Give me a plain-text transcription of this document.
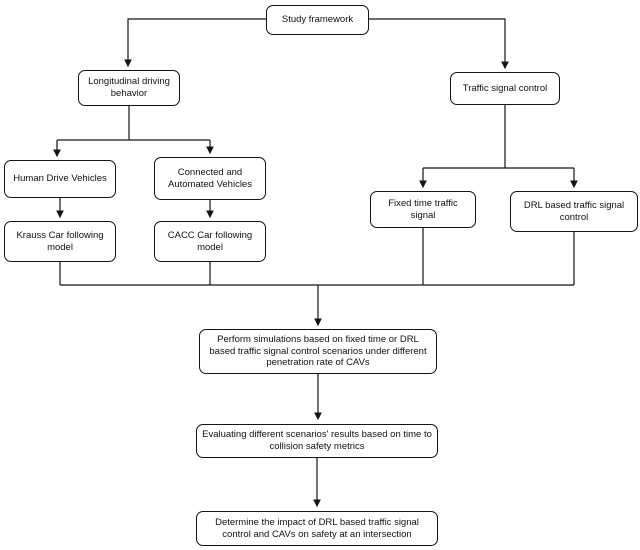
Study framework
Longitudinal driving behavior	Traffic signal control
Human Drive Vehicles
Connected and Automated Vehicles
Krauss Car following model
CACC Car following model
Fixed time traffic signal
DRL based traffic signal control
Perform simulations based on fixed time or DRL based traffic signal control scenarios under different penetration rate of CAVs
Evaluating different scenarios' results based on time to collision safety metrics
Determine the impact of DRL based traffic signal control and CAVs on safety at an intersection
